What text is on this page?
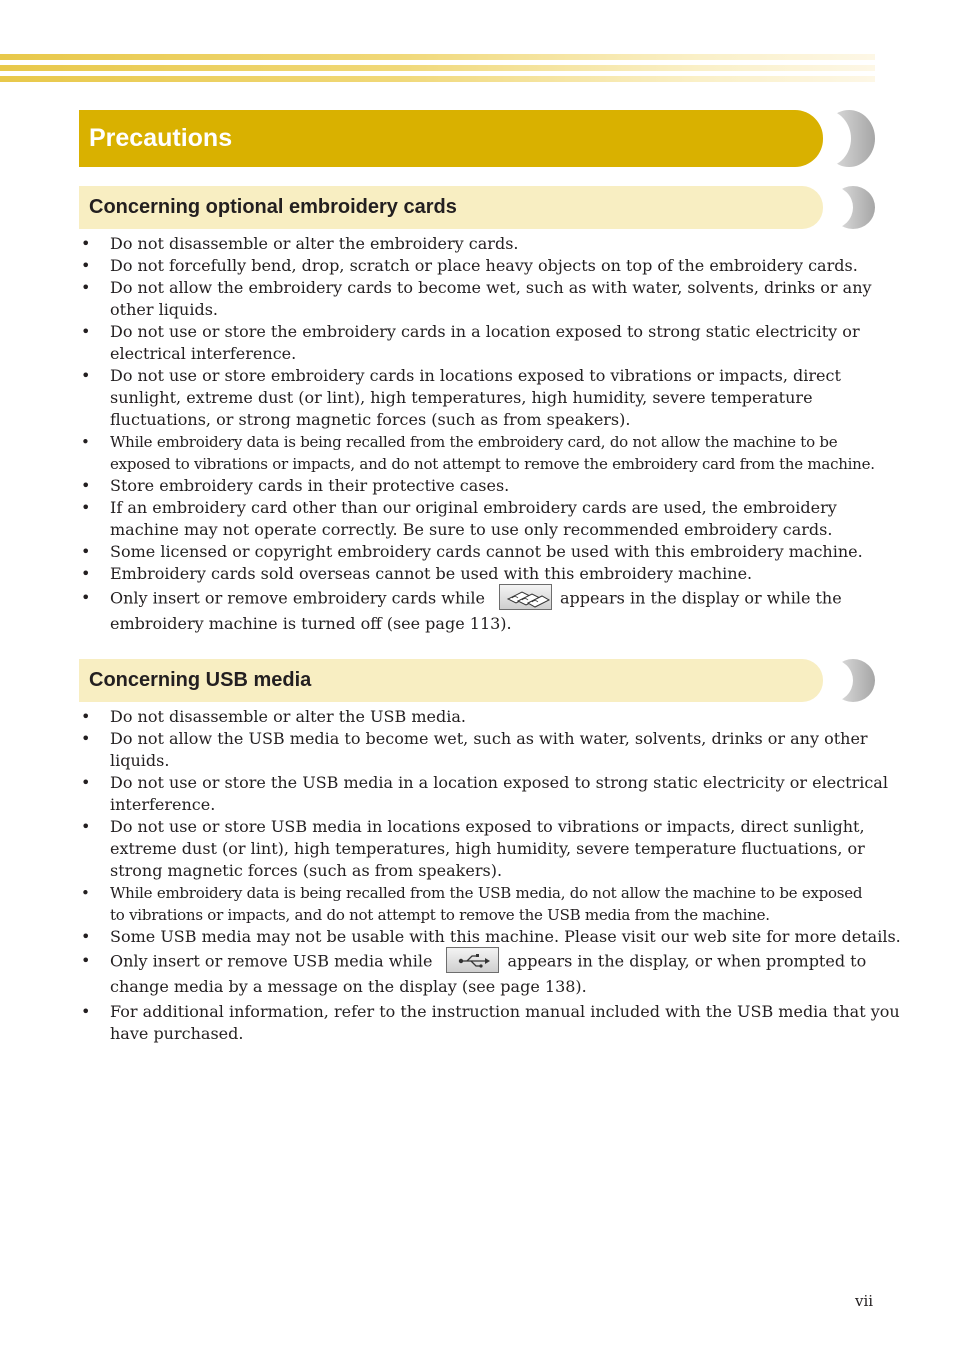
Precautions
Concerning optional embroidery cards
• Do not disassemble or alter the embroidery cards.
• Do not forcefully bend, drop, scratch or place heavy objects on top of the embroidery cards.
• Do not allow the embroidery cards to become wet, such as with water, solvents, drinks or any
other liquids.
• Do not use or store the embroidery cards in a location exposed to strong static electricity or
electrical interference.
• Do not use or store embroidery cards in locations exposed to vibrations or impacts, direct
sunlight, extreme dust (or lint), high temperatures, high humidity, severe temperature
fluctuations, or strong magnetic forces (such as from speakers).
• While embroidery data is being recalled from the embroidery card, do not allow the machine to be
exposed to vibrations or impacts, and do not attempt to remove the embroidery card from the machine.
• Store embroidery cards in their protective cases.
• If an embroidery card other than our original embroidery cards are used, the embroidery
machine may not operate correctly. Be sure to use only recommended embroidery cards.
• Some licensed or copyright embroidery cards cannot be used with this embroidery machine.
• Embroidery cards sold overseas cannot be used with this embroidery machine.
• Only insert or remove embroidery cards while	appears in the display or while the
embroidery machine is turned off (see page 113).
Concerning USB media
• Do not disassemble or alter the USB media.
• Do not allow the USB media to become wet, such as with water, solvents, drinks or any other
liquids.
• Do not use or store the USB media in a location exposed to strong static electricity or electrical
interference.
• Do not use or store USB media in locations exposed to vibrations or impacts, direct sunlight,
extreme dust (or lint), high temperatures, high humidity, severe temperature fluctuations, or
strong magnetic forces (such as from speakers).
• While embroidery data is being recalled from the USB media, do not allow the machine to be exposed
to vibrations or impacts, and do not attempt to remove the USB media from the machine.
• Some USB media may not be usable with this machine. Please visit our web site for more details.
• Only insert or remove USB media while	appears in the display, or when prompted to
change media by a message on the display (see page 138).
• For additional information, refer to the instruction manual included with the USB media that you
have purchased.
vii
